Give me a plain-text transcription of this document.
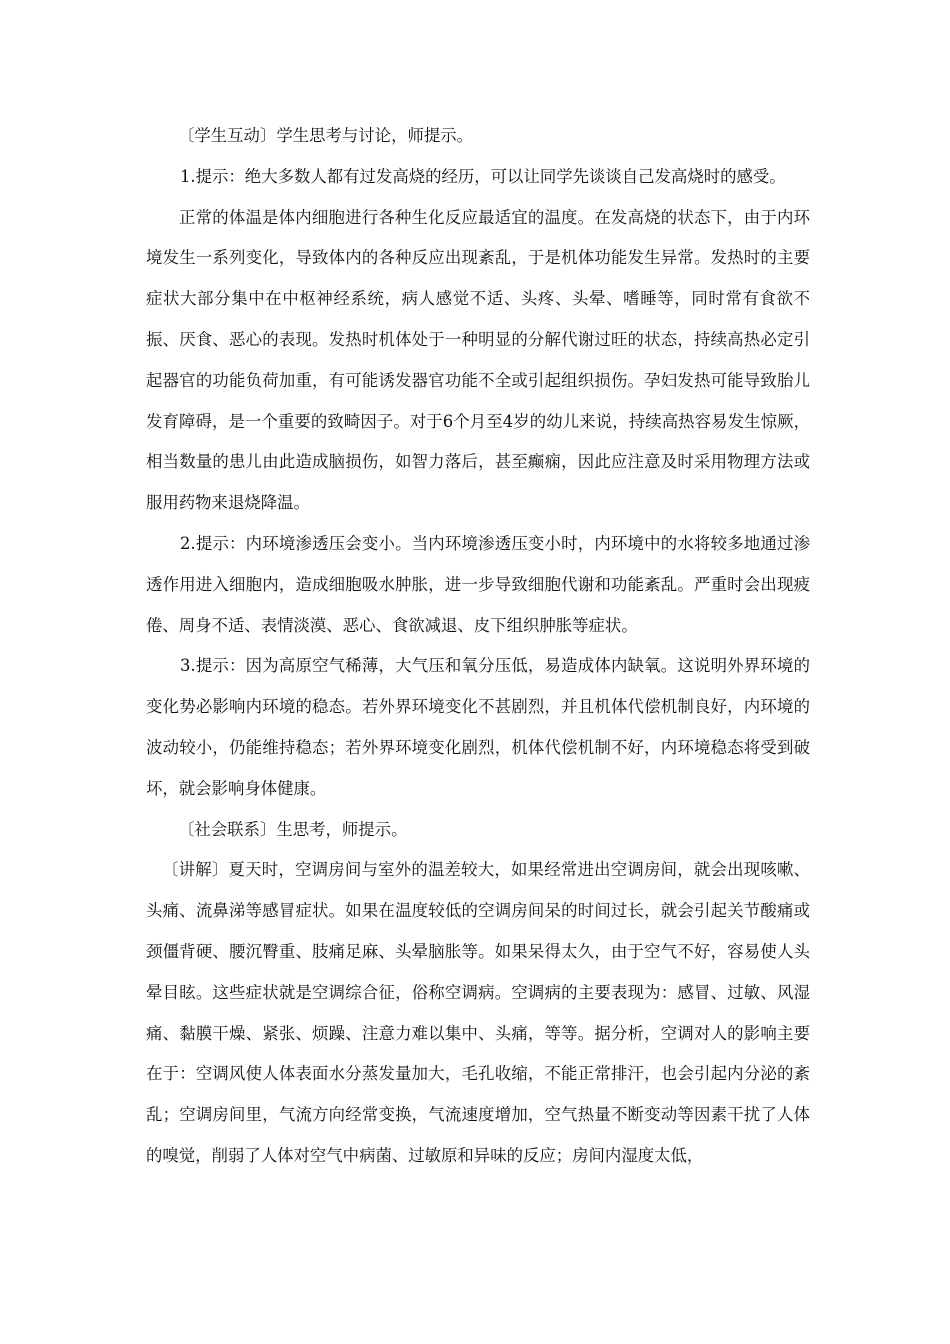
〔学生互动〕学生思考与讨论，师提示。

1.提示：绝大多数人都有过发高烧的经历，可以让同学先谈谈自己发高烧时的感受。

正常的体温是体内细胞进行各种生化反应最适宜的温度。在发高烧的状态下，由于内环境发生一系列变化，导致体内的各种反应出现紊乱，于是机体功能发生异常。发热时的主要症状大部分集中在中枢神经系统，病人感觉不适、头疼、头晕、嗜睡等，同时常有食欲不振、厌食、恶心的表现。发热时机体处于一种明显的分解代谢过旺的状态，持续高热必定引起器官的功能负荷加重，有可能诱发器官功能不全或引起组织损伤。孕妇发热可能导致胎儿发育障碍，是一个重要的致畸因子。对于6个月至4岁的幼儿来说，持续高热容易发生惊厥，相当数量的患儿由此造成脑损伤，如智力落后，甚至癫痫，因此应注意及时采用物理方法或服用药物来退烧降温。

2.提示：内环境渗透压会变小。当内环境渗透压变小时，内环境中的水将较多地通过渗透作用进入细胞内，造成细胞吸水肿胀，进一步导致细胞代谢和功能紊乱。严重时会出现疲倦、周身不适、表情淡漠、恶心、食欲减退、皮下组织肿胀等症状。

3.提示：因为高原空气稀薄，大气压和氧分压低，易造成体内缺氧。这说明外界环境的变化势必影响内环境的稳态。若外界环境变化不甚剧烈，并且机体代偿机制良好，内环境的波动较小，仍能维持稳态；若外界环境变化剧烈，机体代偿机制不好，内环境稳态将受到破坏，就会影响身体健康。

〔社会联系〕生思考，师提示。

〔讲解〕夏天时，空调房间与室外的温差较大，如果经常进出空调房间，就会出现咳嗽、头痛、流鼻涕等感冒症状。如果在温度较低的空调房间呆的时间过长，就会引起关节酸痛或颈僵背硬、腰沉臀重、肢痛足麻、头晕脑胀等。如果呆得太久，由于空气不好，容易使人头晕目眩。这些症状就是空调综合征，俗称空调病。空调病的主要表现为：感冒、过敏、风湿痛、黏膜干燥、紧张、烦躁、注意力难以集中、头痛，等等。据分析，空调对人的影响主要在于：空调风使人体表面水分蒸发量加大，毛孔收缩，不能正常排汗，也会引起内分泌的紊乱；空调房间里，气流方向经常变换，气流速度增加，空气热量不断变动等因素干扰了人体的嗅觉，削弱了人体对空气中病菌、过敏原和异味的反应；房间内湿度太低，
